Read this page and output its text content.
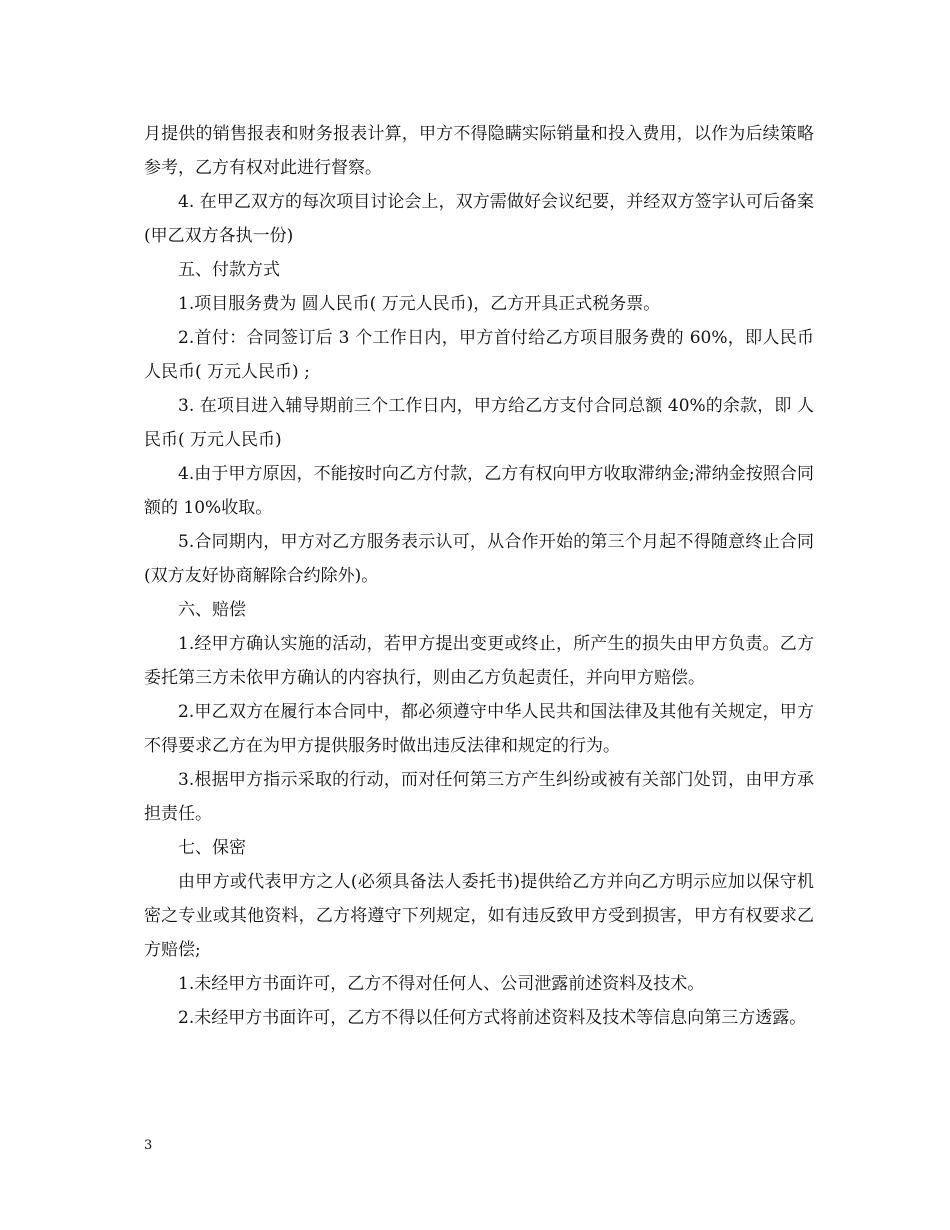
月提供的销售报表和财务报表计算，甲方不得隐瞒实际销量和投入费用，以作为后续策略参考，乙方有权对此进行督察。

4. 在甲乙双方的每次项目讨论会上，双方需做好会议纪要，并经双方签字认可后备案(甲乙双方各执一份)

五、付款方式

1.项目服务费为 圆人民币( 万元人民币)，乙方开具正式税务票。

2.首付：合同签订后 3 个工作日内，甲方首付给乙方项目服务费的 60%，即人民币 人民币( 万元人民币) ;

3. 在项目进入辅导期前三个工作日内，甲方给乙方支付合同总额 40%的余款，即 人民币( 万元人民币)

4.由于甲方原因，不能按时向乙方付款，乙方有权向甲方收取滞纳金;滞纳金按照合同额的 10%收取。

5.合同期内，甲方对乙方服务表示认可，从合作开始的第三个月起不得随意终止合同(双方友好协商解除合约除外)。

六、赔偿

1.经甲方确认实施的活动，若甲方提出变更或终止，所产生的损失由甲方负责。乙方委托第三方未依甲方确认的内容执行，则由乙方负起责任，并向甲方赔偿。

2.甲乙双方在履行本合同中，都必须遵守中华人民共和国法律及其他有关规定，甲方不得要求乙方在为甲方提供服务时做出违反法律和规定的行为。

3.根据甲方指示采取的行动，而对任何第三方产生纠纷或被有关部门处罚，由甲方承担责任。

七、保密

由甲方或代表甲方之人(必须具备法人委托书)提供给乙方并向乙方明示应加以保守机密之专业或其他资料，乙方将遵守下列规定，如有违反致甲方受到损害，甲方有权要求乙方赔偿;

1.未经甲方书面许可，乙方不得对任何人、公司泄露前述资料及技术。

2.未经甲方书面许可，乙方不得以任何方式将前述资料及技术等信息向第三方透露。

3
